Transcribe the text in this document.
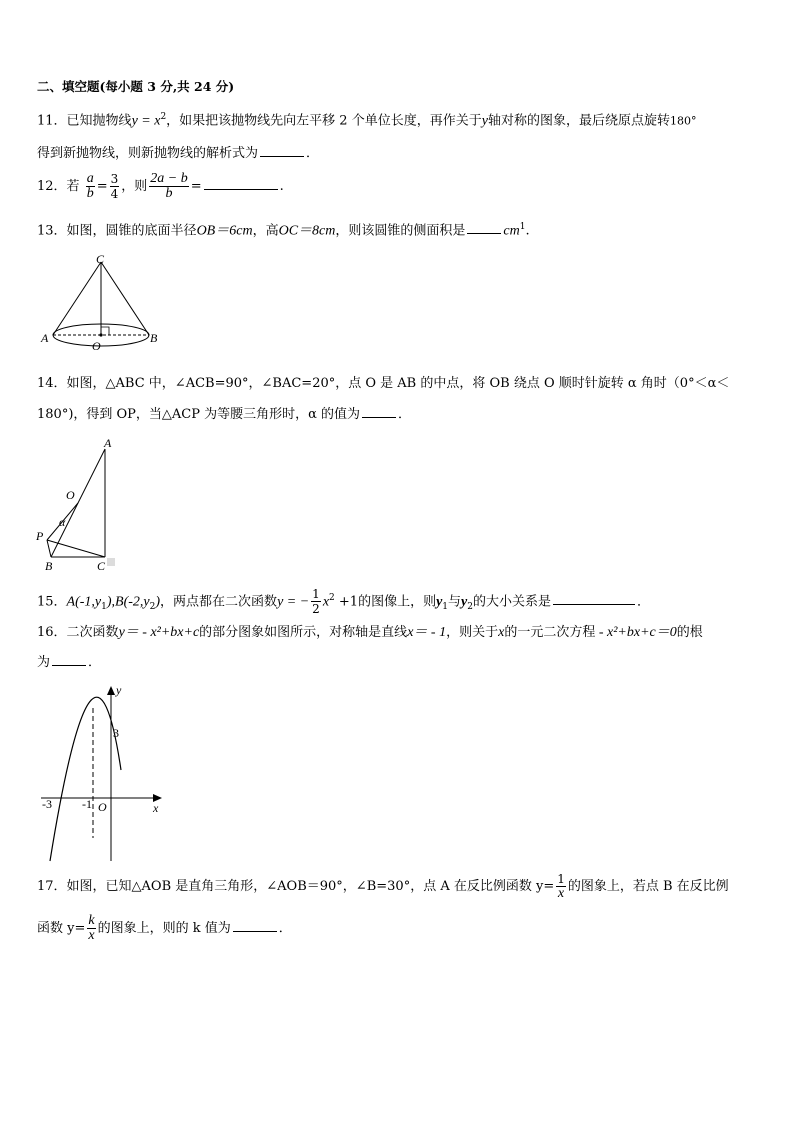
二、填空题(每小题 3 分,共 24 分)
11．已知抛物线$y = x^2$，如果把该抛物线先向左平移 2 个单位长度，再作关于y轴对称的图象，最后绕原点旋转180°
得到新抛物线，则新抛物线的解析式为	．
12．若 $\frac{a}{b} = \frac{3}{4}$ ，则 $\frac{2a - b}{b}$ =	.
13．如图，圆锥的底面半径OB＝6cm，高OC＝8cm，则该圆锥的侧面积是	$cm^1$.
C
A
O
B
14．如图，△ABC 中，∠ACB=90°，∠BAC=20°，点 O 是 AB 的中点，将 OB 绕点 O 顺时针旋转 α 角时（0°＜α＜
180°)，得到 OP，当△ACP 为等腰三角形时，α 的值为	．
A
O
α
P
B	C
15．$A(-1,y_1),B(-2,y_2)$，两点都在二次函数y = − $\frac{1}{2} x^2 +1$的图像上，则$y_1$与$y_2$的大小关系是	．
16．二次函数y＝ - x²+bx+c的部分图象如图所示，对称轴是直线x＝ - 1，则关于x的一元二次方程 - x²+bx+c＝0的根
为	．
y
3
-3	-1 O	x
17．如图，已知△AOB 是直角三角形，∠AOB＝90°，∠B=30°，点 A 在反比例函数 $y= \frac{1}{x}$ 的图象上，若点 B 在反比例
函数 $y= \frac{k}{x}$ 的图象上，则的 k 值为	．
